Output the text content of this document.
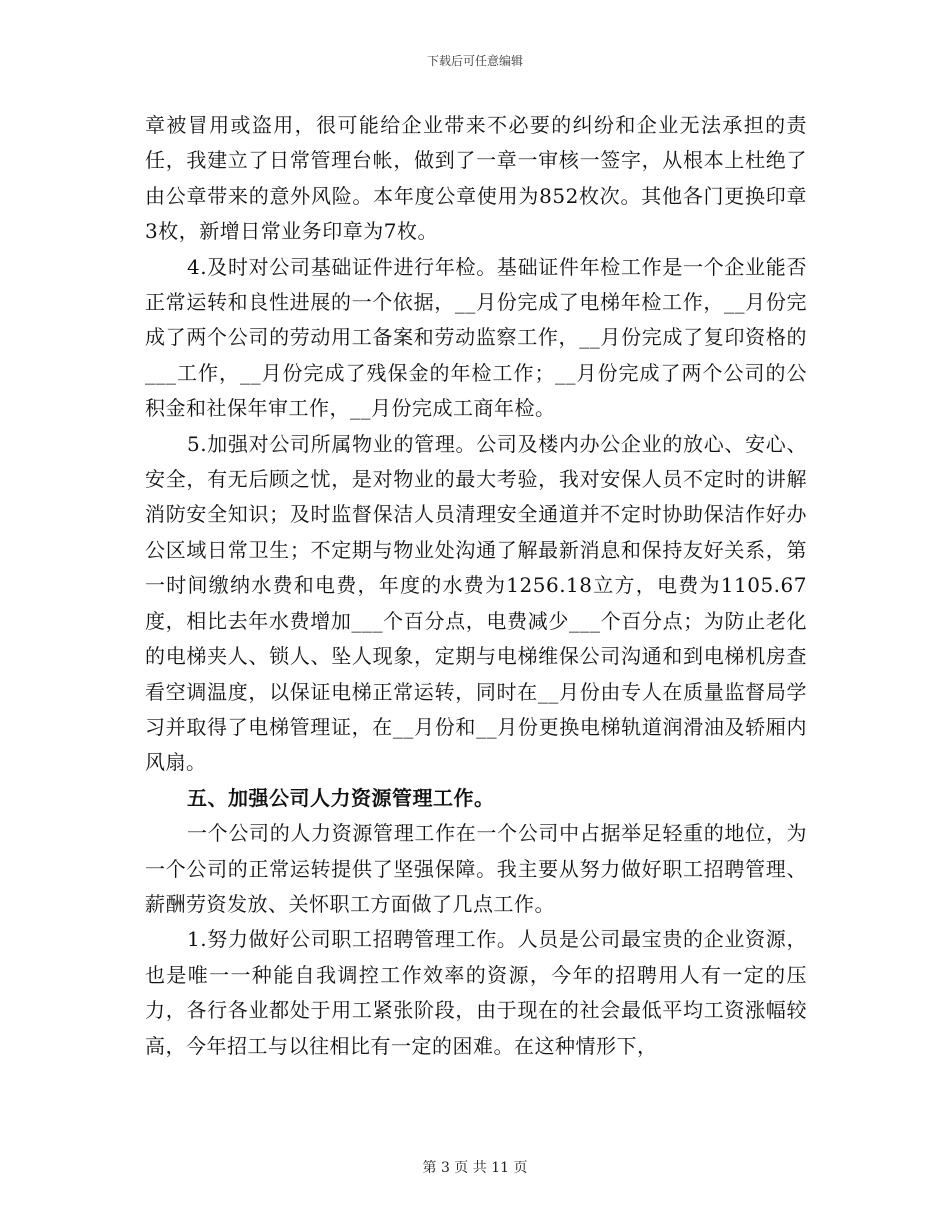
下载后可任意编辑

章被冒用或盗用，很可能给企业带来不必要的纠纷和企业无法承担的责任，我建立了日常管理台帐，做到了一章一审核一签字，从根本上杜绝了由公章带来的意外风险。本年度公章使用为852枚次。其他各门更换印章3枚，新增日常业务印章为7枚。

4.及时对公司基础证件进行年检。基础证件年检工作是一个企业能否正常运转和良性进展的一个依据，__月份完成了电梯年检工作，__月份完成了两个公司的劳动用工备案和劳动监察工作，__月份完成了复印资格的___工作，__月份完成了残保金的年检工作；__月份完成了两个公司的公积金和社保年审工作，__月份完成工商年检。

5.加强对公司所属物业的管理。公司及楼内办公企业的放心、安心、安全，有无后顾之忧，是对物业的最大考验，我对安保人员不定时的讲解消防安全知识；及时监督保洁人员清理安全通道并不定时协助保洁作好办公区域日常卫生；不定期与物业处沟通了解最新消息和保持友好关系，第一时间缴纳水费和电费，年度的水费为1256.18立方，电费为1105.67度，相比去年水费增加___个百分点，电费减少___个百分点；为防止老化的电梯夹人、锁人、坠人现象，定期与电梯维保公司沟通和到电梯机房查看空调温度，以保证电梯正常运转，同时在__月份由专人在质量监督局学习并取得了电梯管理证，在__月份和__月份更换电梯轨道润滑油及轿厢内风扇。

五、加强公司人力资源管理工作。

一个公司的人力资源管理工作在一个公司中占据举足轻重的地位，为一个公司的正常运转提供了坚强保障。我主要从努力做好职工招聘管理、薪酬劳资发放、关怀职工方面做了几点工作。

1.努力做好公司职工招聘管理工作。人员是公司最宝贵的企业资源，也是唯一一种能自我调控工作效率的资源，今年的招聘用人有一定的压力，各行各业都处于用工紧张阶段，由于现在的社会最低平均工资涨幅较高，今年招工与以往相比有一定的困难。在这种情形下，

第 3 页 共 11 页
